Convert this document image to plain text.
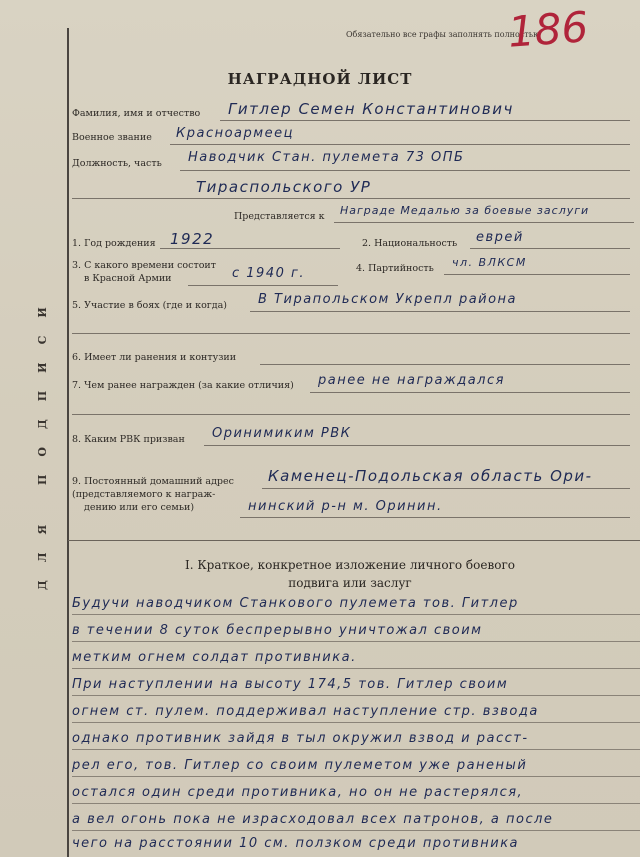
ДЛЯ ПОДПИСИ
Обязательно все графы заполнять полностью
186
НАГРАДНОЙ ЛИСТ
Фамилия, имя и отчество Гитлер Семен Константинович
Военное звание Красноармеец
Должность, часть Наводчик Стан. пулемета 73 ОПБ
Тираспольского УР
Представляется к Награде Медалью за боевые заслуги
1. Год рождения 1922	2. Национальность еврей
3. С какого времени состоит
в Красной Армии	с 1940 г.	4. Партийность чл. ВЛКСМ
5. Участие в боях (где и когда) В Тирапольском Укрепл района
6. Имеет ли ранения и контузии
7. Чем ранее награжден (за какие отличия) ранее не награждался
8. Каким РВК призван Оринимиким РВК
9. Постоянный домашний адрес
(представляемого к награж-
дению или его семьи)
Каменец-Подольская область Ори-
нинский р-н м. Оринин.
I. Краткое, конкретное изложение личного боевого
подвига или заслуг
Будучи наводчиком Станкового пулемета тов. Гитлер
в течении 8 суток беспрерывно уничтожал своим
метким огнем солдат противника.
При наступлении на высоту 174,5 тов. Гитлер своим
огнем ст. пулем. поддерживал наступление стр. взвода
однако противник зайдя в тыл окружил взвод и расст-
рел его, тов. Гитлер со своим пулеметом уже раненый
остался один среди противника, но он не растерялся,
а вел огонь пока не израсходовал всех патронов, а после
чего на расстоянии 10 см. ползком среди противника
